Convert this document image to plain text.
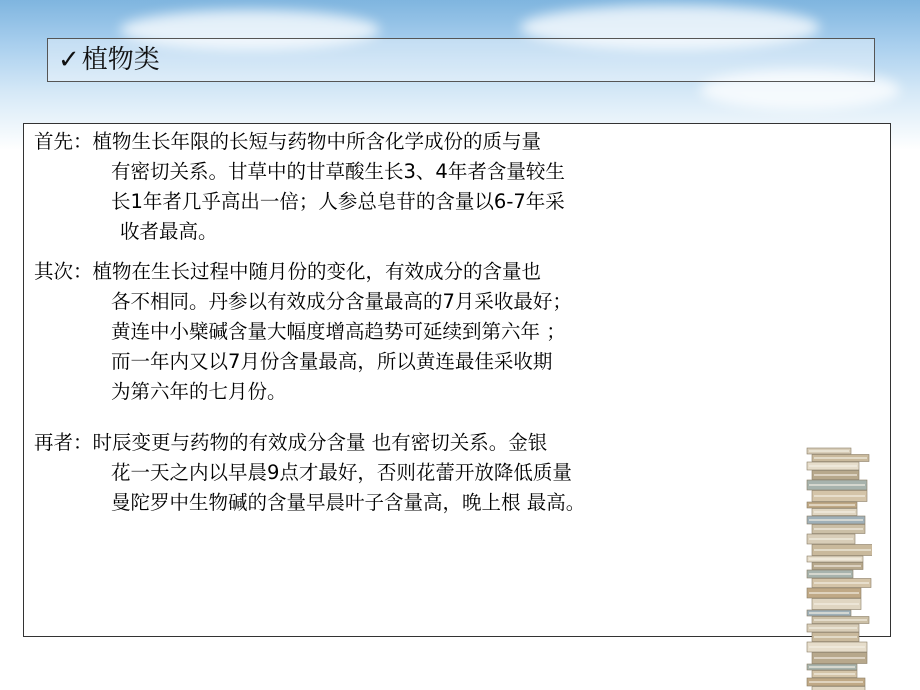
✓ 植物类
首先：植物生长年限的长短与药物中所含化学成份的质与量
有密切关系。甘草中的甘草酸生长3、4年者含量较生
长1年者几乎高出一倍；人参总皂苷的含量以6-7年采
收者最高。
其次：植物在生长过程中随月份的变化，有效成分的含量也
各不相同。丹参以有效成分含量最高的7月采收最好；
黄连中小檗碱含量大幅度增高趋势可延续到第六年 ；
而一年内又以7月份含量最高，所以黄连最佳采收期
为第六年的七月份。
再者：时辰变更与药物的有效成分含量 也有密切关系。金银
花一天之内以早晨9点才最好，否则花蕾开放降低质量
曼陀罗中生物碱的含量早晨叶子含量高，晚上根 最高。
